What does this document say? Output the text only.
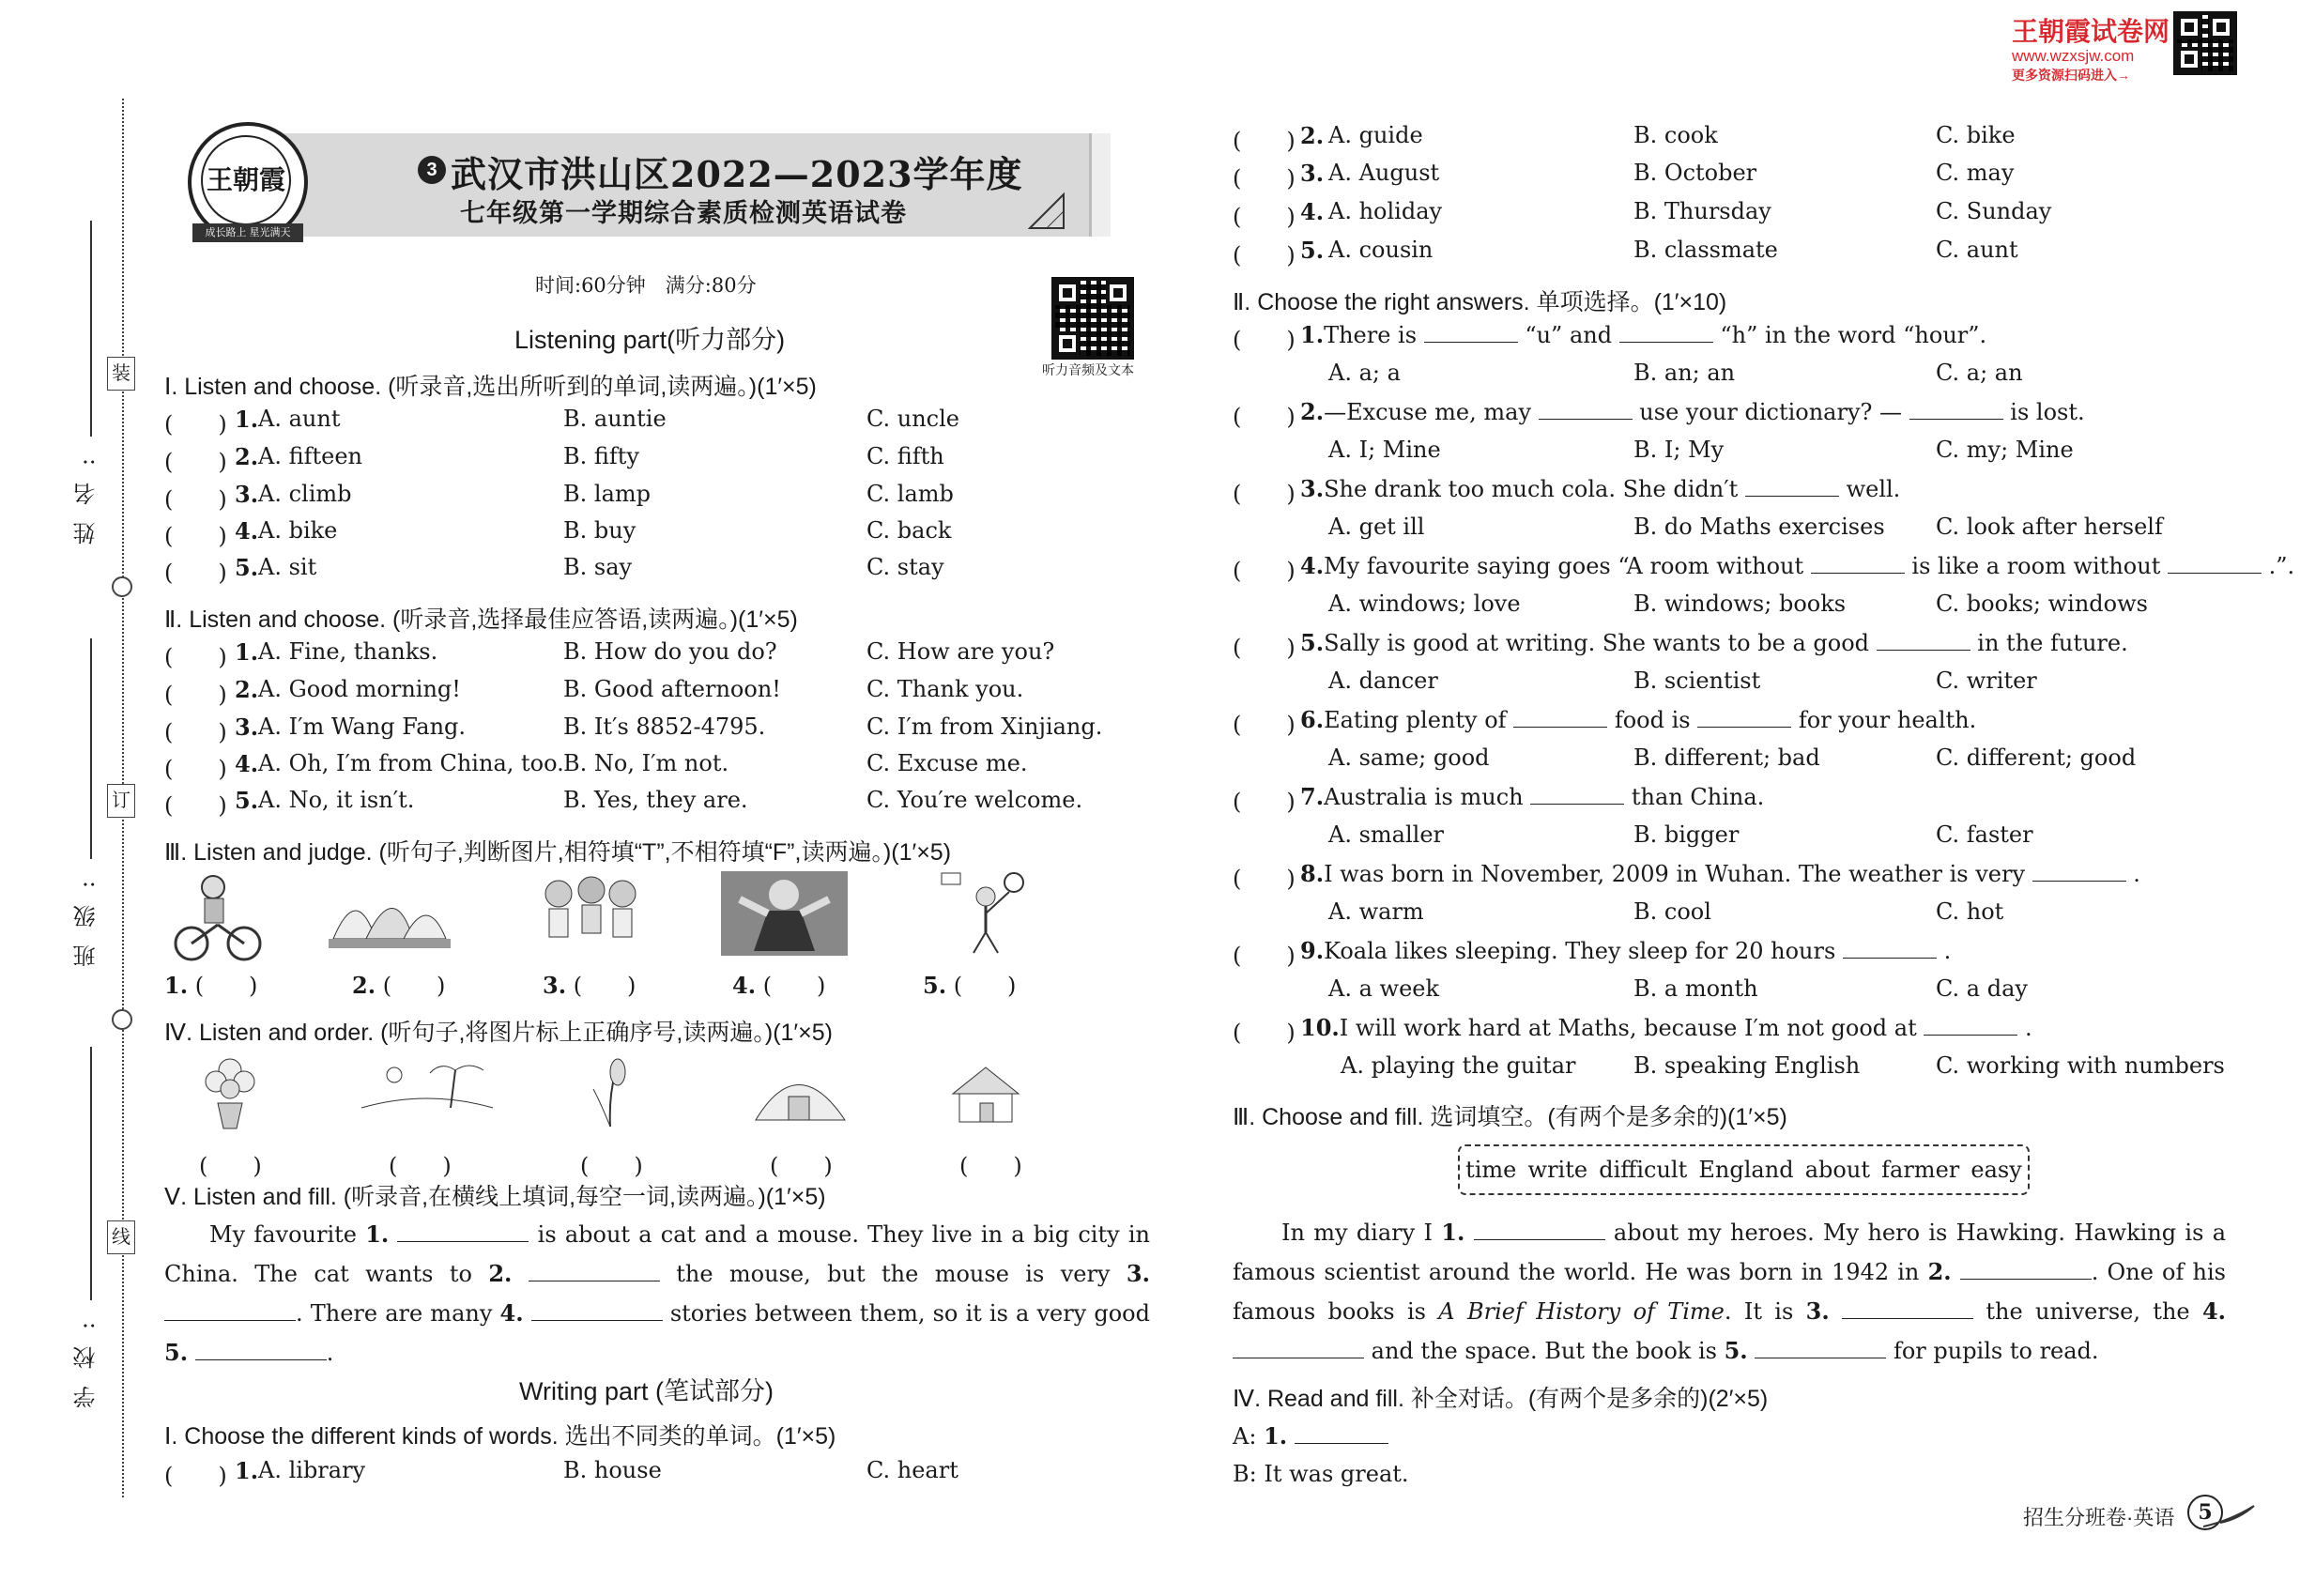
王朝霞试卷网
www.wzxsjw.com
更多资源扫码进入→
姓名:
班级:
学校:
装
订
线
王朝霞
成长路上 星光满天
3 武汉市洪山区2022—2023学年度
七年级第一学期综合素质检测英语试卷
时间:60分钟　满分:80分
听力音频及文本
Listening part(听力部分)
Ⅰ. Listen and choose. (听录音,选出所听到的单词,读两遍。)(1′×5)
(　　) 1. A. aunt	B. auntie	C. uncle
(　　) 2. A. fifteen	B. fifty	C. fifth
(　　) 3. A. climb	B. lamp	C. lamb
(　　) 4. A. bike	B. buy	C. back
(　　) 5. A. sit	B. say	C. stay
Ⅱ. Listen and choose. (听录音,选择最佳应答语,读两遍。)(1′×5)
Ⅲ. Listen and judge. (听句子,判断图片,相符填“T”,不相符填“F”,读两遍。)(1′×5)
1. (　　)	2. (　　)	3. (　　)	4. (　　)	5. (　　)
Ⅳ. Listen and order. (听句子,将图片标上正确序号,读两遍。)(1′×5)
(　　)	(　　)	(　　)	(　　)	(　　)
Ⅴ. Listen and fill. (听录音,在横线上填词,每空一词,读两遍。)(1′×5)
My favourite 1.	is about a cat and a mouse. They live in a big city in China. The cat wants to 2.	the mouse, but the mouse is very 3. . There are many 4.	stories between them, so it is a very good 5.	.
Writing part (笔试部分)
Ⅰ. Choose the different kinds of words. 选出不同类的单词。(1′×5)
(　　) 1. A. library	B. house	C. heart
(　　) 2. A. guide	B. cook	C. bike
(　　) 3. A. August	B. October	C. may
(　　) 4. A. holiday	B. Thursday	C. Sunday
(　　) 5. A. cousin	B. classmate	C. aunt
Ⅱ. Choose the right answers. 单项选择。(1′×10)
(　　) 1.There is	“u” and	“h” in the word “hour”.
A. a; a	B. an; an	C. a; an
(　　) 2.—Excuse me, may	use your dictionary? —	is lost.
A. I; Mine	B. I; My	C. my; Mine
(　　) 3.She drank too much cola. She didn′t	well.
A. get ill	B. do Maths exercises C. look after herself
(　　) 4.My favourite saying goes “A room without	is like a room without	.”.
A. windows; love	B. windows; books	C. books; windows
(　　) 5.Sally is good at writing. She wants to be a good	in the future.
A. dancer	B. scientist	C. writer
(　　) 6.Eating plenty of	food is	for your health.
A. same; good	B. different; bad	C. different; good
(　　) 7.Australia is much	than China.
A. smaller	B. bigger	C. faster
(　　) 8.I was born in November, 2009 in Wuhan. The weather is very	.
A. warm	B. cool	C. hot
(　　) 9.Koala likes sleeping. They sleep for 20 hours	.
A. a week	B. a month	C. a day
(　　) 10.I will work hard at Maths, because I′m not good at	.
A. playing the guitar	B. speaking English	C. working with numbers
Ⅲ. Choose and fill. 选词填空。(有两个是多余的)(1′×5)
time write difficult England about farmer easy
In my diary I 1.	about my heroes. My hero is Hawking. Hawking is a famous scientist around the world. He was born in 1942 in 2.	. One of his famous books is A Brief History of Time. It is 3.	the universe, the 4.  and the space. But the book is 5.	for pupils to read.
Ⅳ. Read and fill. 补全对话。(有两个是多余的)(2′×5)
A: 1.
B: It was great.
招生分班卷·英语	5
(　　) 1. A. Fine, thanks.	B. How do you do?	C. How are you?
(　　) 2. A. Good morning!	B. Good afternoon!	C. Thank you.
(　　) 3. A. I′m Wang Fang.	B. It′s 8852-4795.	C. I′m from Xinjiang.
(　　) 4. A. Oh, I′m from China, too. B. No, I′m not.	C. Excuse me.
(　　) 5. A. No, it isn′t.	B. Yes, they are.	C. You′re welcome.
